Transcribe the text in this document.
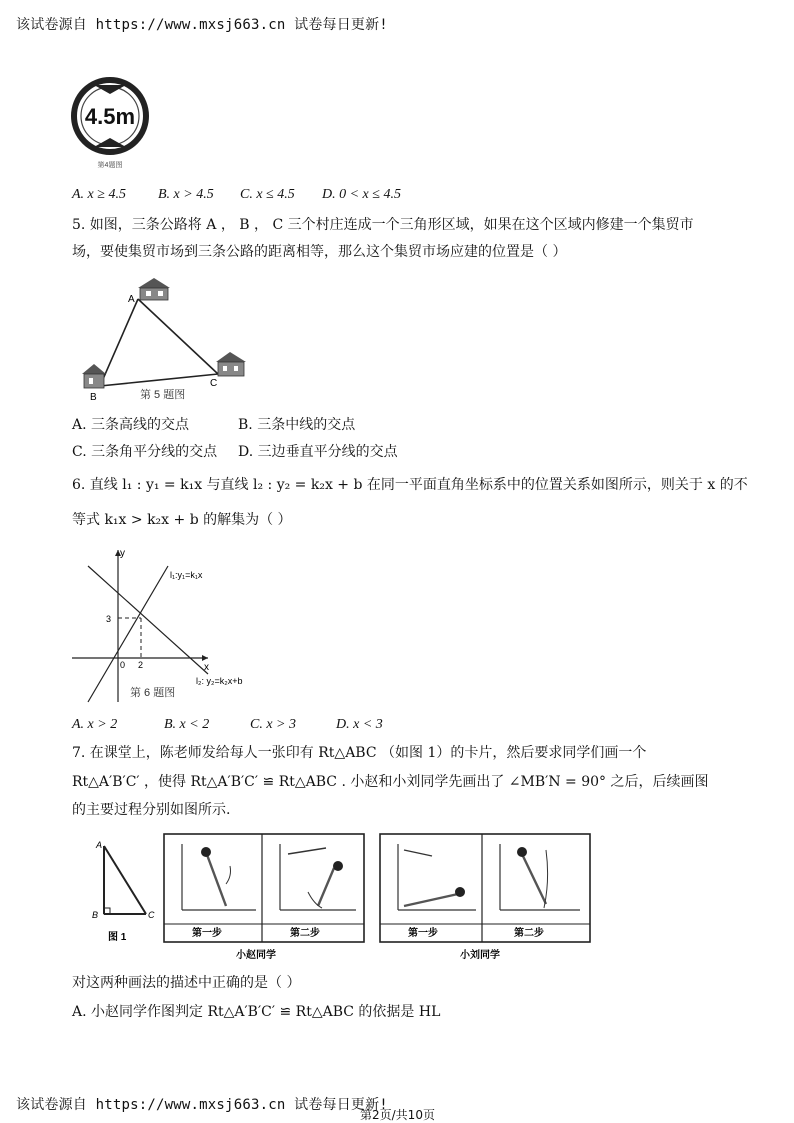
该试卷源自 https://www.mxsj663.cn 试卷每日更新!
4.5m
第4题图
A. x ≥ 4.5 B. x > 4.5 C. x ≤ 4.5 D. 0 < x ≤ 4.5
5. 如图，三条公路将 A ， B ， C 三个村庄连成一个三角形区域，如果在这个区域内修建一个集贸市
场，要使集贸市场到三条公路的距离相等，那么这个集贸市场应建的位置是（ ）
A
B
C
第 5 题图
A. 三条高线的交点	B. 三条中线的交点
C. 三条角平分线的交点 D. 三边垂直平分线的交点
6. 直线 l₁ : y₁ = k₁x 与直线 l₂ : y₂ = k₂x + b 在同一平面直角坐标系中的位置关系如图所示，则关于 x 的不
等式 k₁x > k₂x + b 的解集为（ ）
y
x
0 2
3
l₁:y₁=k₁x
l₂: y₂=k₂x+b
第 6 题图
A. x > 2	B. x < 2	C. x > 3	D. x < 3
7. 在课堂上，陈老师发给每人一张印有 Rt△ABC （如图 1）的卡片，然后要求同学们画一个
Rt△A′B′C′ ，使得 Rt△A′B′C′ ≌ Rt△ABC . 小赵和小刘同学先画出了 ∠MB′N = 90° 之后，后续画图
的主要过程分别如图所示.
A
B	C
图 1	第一步	第二步
小赵同学
第一步	第二步
小刘同学
对这两种画法的描述中正确的是（ ）
A. 小赵同学作图判定 Rt△A′B′C′ ≌ Rt△ABC 的依据是 HL
该试卷源自 https://www.mxsj663.cn 试卷每日更新!
第2页/共10页
